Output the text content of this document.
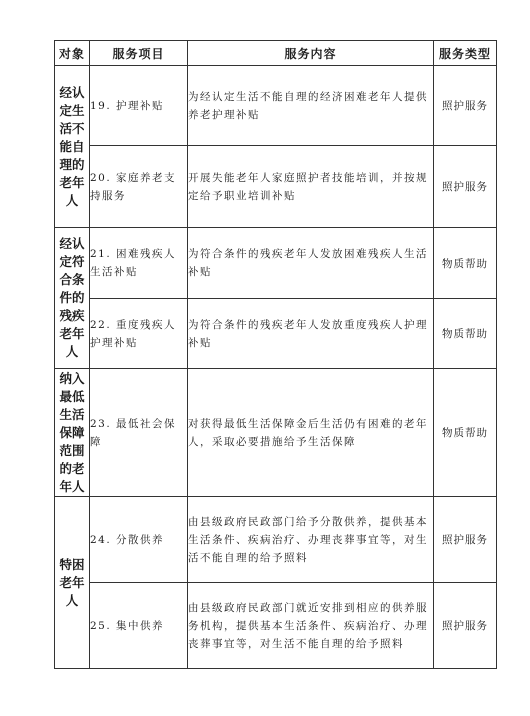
对象	服务项目	服务内容	服务类型
经认定生活不能自理的老年人	19. 护理补贴	为经认定生活不能自理的经济困难老年人提供养老护理补贴	照护服务
	20. 家庭养老支持服务	开展失能老年人家庭照护者技能培训，并按规定给予职业培训补贴	照护服务
经认定符合条件的残疾老年人	21. 困难残疾人生活补贴	为符合条件的残疾老年人发放困难残疾人生活补贴	物质帮助
	22. 重度残疾人护理补贴	为符合条件的残疾老年人发放重度残疾人护理补贴	物质帮助
纳入最低生活保障范围的老年人	23. 最低社会保障	对获得最低生活保障金后生活仍有困难的老年人，采取必要措施给予生活保障	物质帮助
特困老年人	24. 分散供养	由县级政府民政部门给予分散供养，提供基本生活条件、疾病治疗、办理丧葬事宜等，对生活不能自理的给予照料	照护服务
	25. 集中供养	由县级政府民政部门就近安排到相应的供养服务机构，提供基本生活条件、疾病治疗、办理丧葬事宜等，对生活不能自理的给予照料	照护服务
